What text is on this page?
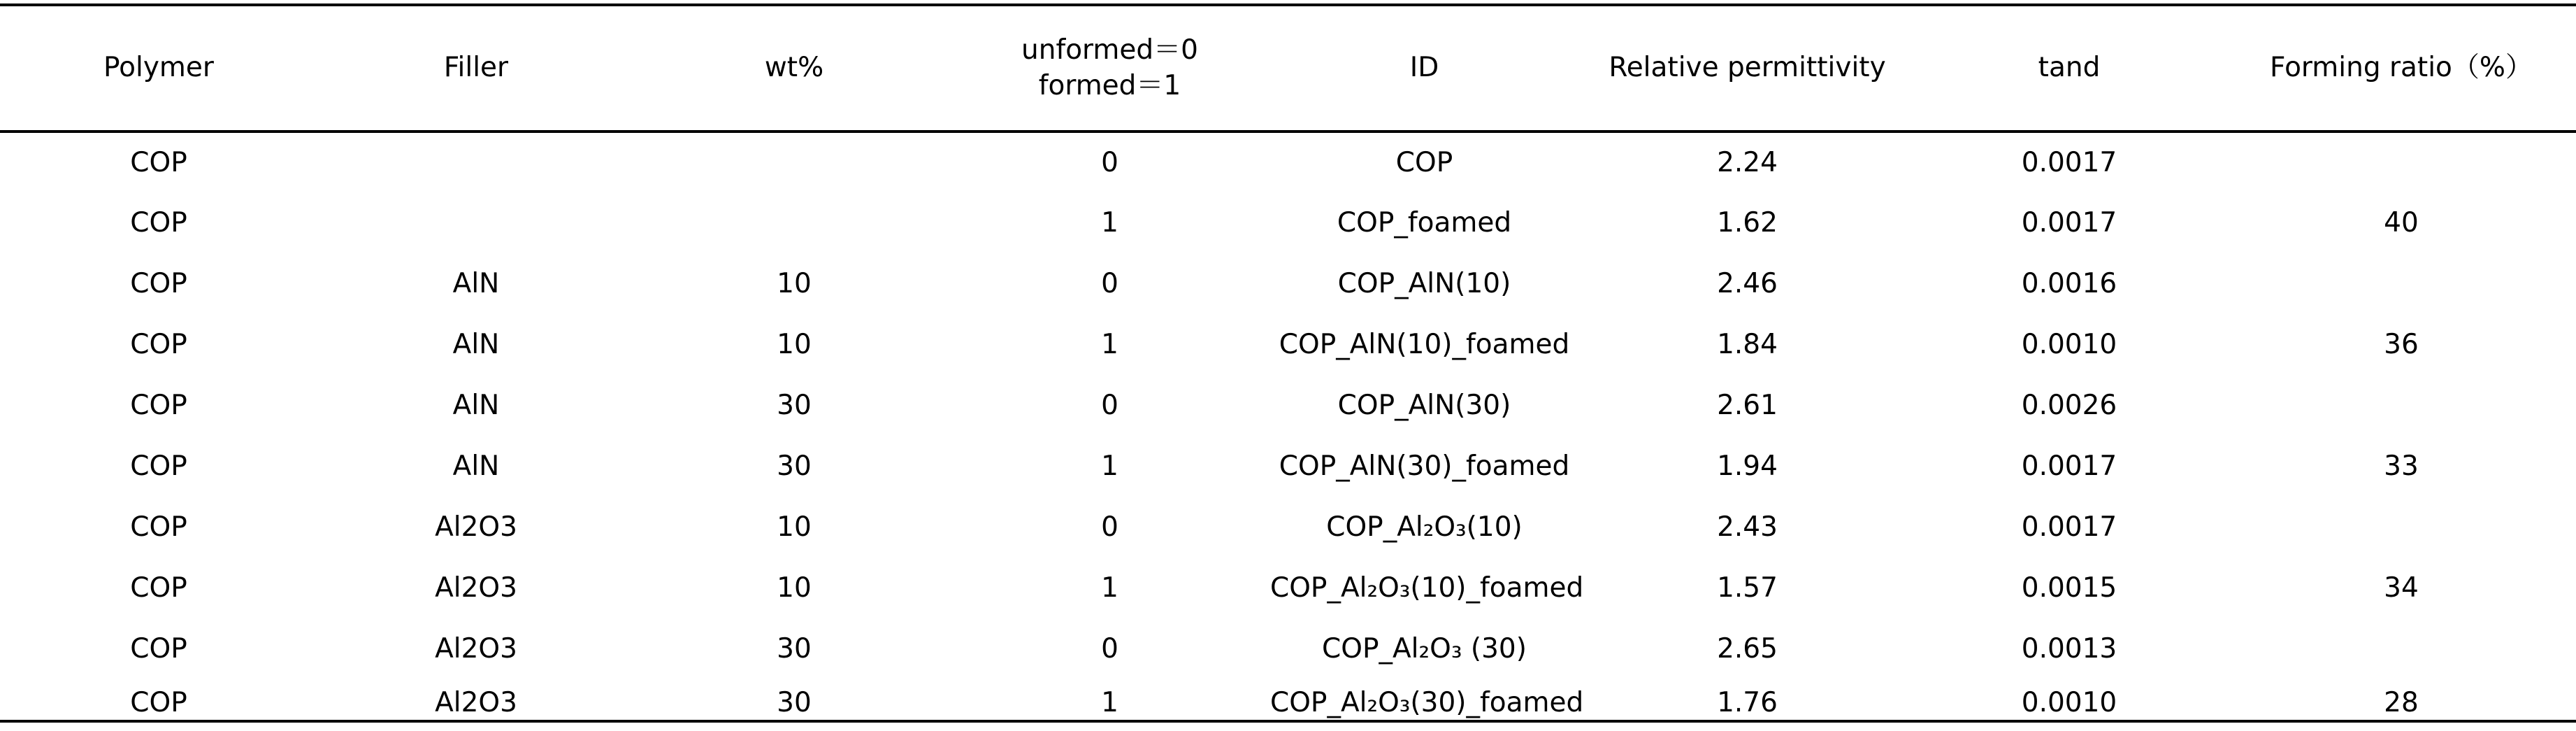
Polymer	Filler	wt%	unformed＝0　formed＝1	ID	Relative permittivity	tand	Forming ratio（%）
COP			0	COP	2.24	0.0017	
COP			1	COP_foamed	1.62	0.0017	40
COP	AlN	10	0	COP_AlN(10)	2.46	0.0016	
COP	AlN	10	1	COP_AlN(10)_foamed	1.84	0.0010	36
COP	AlN	30	0	COP_AlN(30)	2.61	0.0026	
COP	AlN	30	1	COP_AlN(30)_foamed	1.94	0.0017	33
COP	Al2O3	10	0	COP_Al₂O₃(10)	2.43	0.0017	
COP	Al2O3	10	1	COP_Al₂O₃(10)_foamed	1.57	0.0015	34
COP	Al2O3	30	0	COP_Al₂O₃ (30)	2.65	0.0013	
COP	Al2O3	30	1	COP_Al₂O₃(30)_foamed	1.76	0.0010	28
